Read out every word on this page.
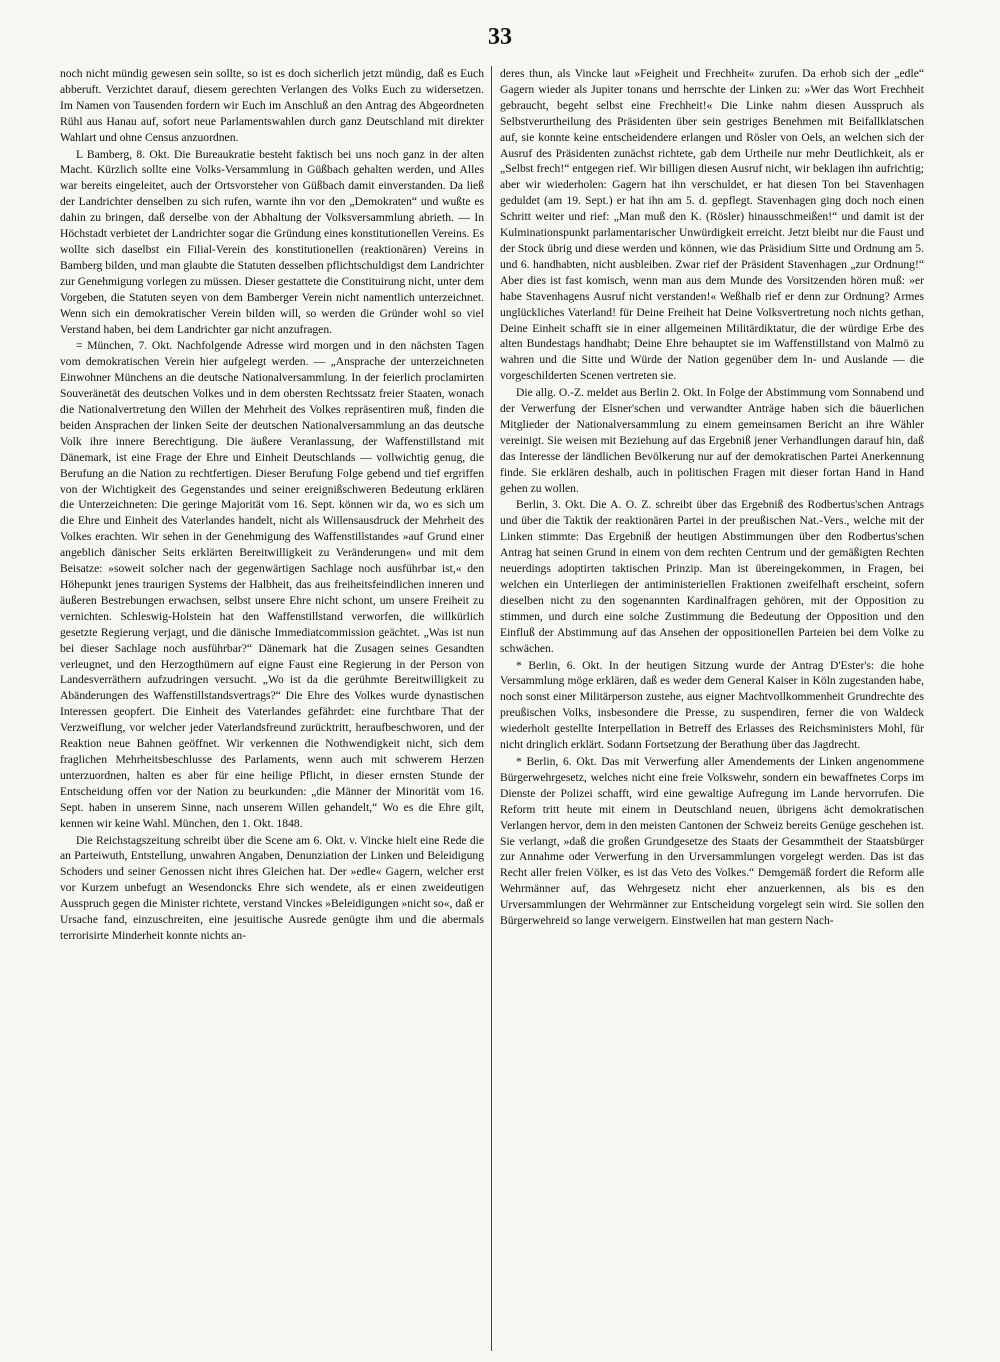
33

noch nicht mündig gewesen sein sollte, so ist es doch sicherlich jetzt mündig, daß es Euch abberuft. Verzichtet darauf, diesem gerechten Verlangen des Volks Euch zu widersetzen. Im Namen von Tausenden fordern wir Euch im Anschluß an den Antrag des Abgeordneten Rühl aus Hanau auf, sofort neue Parlamentswahlen durch ganz Deutschland mit direkter Wahlart und ohne Census anzuordnen.

L Bamberg, 8. Okt. Die Bureaukratie besteht faktisch bei uns noch ganz in der alten Macht. Kürzlich sollte eine Volks-Versammlung in Güßbach gehalten werden, und Alles war bereits eingeleitet, auch der Ortsvorsteher von Güßbach damit einverstanden. Da ließ der Landrichter denselben zu sich rufen, warnte ihn vor den „Demokraten“ und wußte es dahin zu bringen, daß derselbe von der Abhaltung der Volksversammlung abrieth. — In Höchstadt verbietet der Landrichter sogar die Gründung eines konstitutionellen Vereins. Es wollte sich daselbst ein Filial-Verein des konstitutionellen (reaktionären) Vereins in Bamberg bilden, und man glaubte die Statuten desselben pflichtschuldigst dem Landrichter zur Genehmigung vorlegen zu müssen. Dieser gestattete die Constituirung nicht, unter dem Vorgeben, die Statuten seyen von dem Bamberger Verein nicht namentlich unterzeichnet. Wenn sich ein demokratischer Verein bilden will, so werden die Gründer wohl so viel Verstand haben, bei dem Landrichter gar nicht anzufragen.

= München, 7. Okt. Nachfolgende Adresse wird morgen und in den nächsten Tagen vom demokratischen Verein hier aufgelegt werden. — „Ansprache der unterzeichneten Einwohner Münchens an die deutsche Nationalversammlung. In der feierlich proclamirten Souveränetät des deutschen Volkes und in dem obersten Rechtssatz freier Staaten, wonach die Nationalvertretung den Willen der Mehrheit des Volkes repräsentiren muß, finden die beiden Ansprachen der linken Seite der deutschen Nationalversammlung an das deutsche Volk ihre innere Berechtigung. Die äußere Veranlassung, der Waffenstillstand mit Dänemark, ist eine Frage der Ehre und Einheit Deutschlands — vollwichtig genug, die Berufung an die Nation zu rechtfertigen. Dieser Berufung Folge gebend und tief ergriffen von der Wichtigkeit des Gegenstandes und seiner ereignißschweren Bedeutung erklären die Unterzeichneten: Die geringe Majorität vom 16. Sept. können wir da, wo es sich um die Ehre und Einheit des Vaterlandes handelt, nicht als Willensausdruck der Mehrheit des Volkes erachten. Wir sehen in der Genehmigung des Waffenstillstandes »auf Grund einer angeblich dänischer Seits erklärten Bereitwilligkeit zu Veränderungen« und mit dem Beisatze: »soweit solcher nach der gegenwärtigen Sachlage noch ausführbar ist,« den Höhepunkt jenes traurigen Systems der Halbheit, das aus freiheitsfeindlichen inneren und äußeren Bestrebungen erwachsen, selbst unsere Ehre nicht schont, um unsere Freiheit zu vernichten. Schleswig-Holstein hat den Waffenstillstand verworfen, die willkürlich gesetzte Regierung verjagt, und die dänische Immediatcommission geächtet. „Was ist nun bei dieser Sachlage noch ausführbar?“ Dänemark hat die Zusagen seines Gesandten verleugnet, und den Herzogthümern auf eigne Faust eine Regierung in der Person von Landesverräthern aufzudringen versucht. „Wo ist da die gerühmte Bereitwilligkeit zu Abänderungen des Waffenstillstandsvertrags?“ Die Ehre des Volkes wurde dynastischen Interessen geopfert. Die Einheit des Vaterlandes gefährdet: eine furchtbare That der Verzweiflung, vor welcher jeder Vaterlandsfreund zurücktritt, heraufbeschworen, und der Reaktion neue Bahnen geöffnet. Wir verkennen die Nothwendigkeit nicht, sich dem fraglichen Mehrheitsbeschlusse des Parlaments, wenn auch mit schwerem Herzen unterzuordnen, halten es aber für eine heilige Pflicht, in dieser ernsten Stunde der Entscheidung offen vor der Nation zu beurkunden: „die Männer der Minorität vom 16. Sept. haben in unserem Sinne, nach unserem Willen gehandelt,“ Wo es die Ehre gilt, kennen wir keine Wahl. München, den 1. Okt. 1848.

Die Reichstagszeitung schreibt über die Scene am 6. Okt. v. Vincke hielt eine Rede die an Parteiwuth, Entstellung, unwahren Angaben, Denunziation der Linken und Beleidigung Schoders und seiner Genossen nicht ihres Gleichen hat. Der »edle« Gagern, welcher erst vor Kurzem unbefugt an Wesendoncks Ehre sich wendete, als er einen zweideutigen Ausspruch gegen die Minister richtete, verstand Vinckes »Beleidigungen »nicht so«, daß er Ursache fand, einzuschreiten, eine jesuitische Ausrede genügte ihm und die abermals terrorisirte Minderheit konnte nichts an-

deres thun, als Vincke laut »Feigheit und Frechheit« zurufen. Da erhob sich der „edle“ Gagern wieder als Jupiter tonans und herrschte der Linken zu: »Wer das Wort Frechheit gebraucht, begeht selbst eine Frechheit!« Die Linke nahm diesen Ausspruch als Selbstverurtheilung des Präsidenten über sein gestriges Benehmen mit Beifallklatschen auf, sie konnte keine entscheidendere erlangen und Rösler von Oels, an welchen sich der Ausruf des Präsidenten zunächst richtete, gab dem Urtheile nur mehr Deutlichkeit, als er „Selbst frech!“ entgegen rief. Wir billigen diesen Ausruf nicht, wir beklagen ihn aufrichtig; aber wir wiederholen: Gagern hat ihn verschuldet, er hat diesen Ton bei Stavenhagen geduldet (am 19. Sept.) er hat ihn am 5. d. gepflegt. Stavenhagen ging doch noch einen Schritt weiter und rief: „Man muß den K. (Rösler) hinausschmeißen!“ und damit ist der Kulminationspunkt parlamentarischer Unwürdigkeit erreicht. Jetzt bleibt nur die Faust und der Stock übrig und diese werden und können, wie das Präsidium Sitte und Ordnung am 5. und 6. handhabten, nicht ausbleiben. Zwar rief der Präsident Stavenhagen „zur Ordnung!“ Aber dies ist fast komisch, wenn man aus dem Munde des Vorsitzenden hören muß: »er habe Stavenhagens Ausruf nicht verstanden!« Weßhalb rief er denn zur Ordnung? Armes unglückliches Vaterland! für Deine Freiheit hat Deine Volksvertretung noch nichts gethan, Deine Einheit schafft sie in einer allgemeinen Militärdiktatur, die der würdige Erbe des alten Bundestags handhabt; Deine Ehre behauptet sie im Waffenstillstand von Malmö zu wahren und die Sitte und Würde der Nation gegenüber dem In- und Auslande — die vorgeschilderten Scenen vertreten sie.

Die allg. O.-Z. meldet aus Berlin 2. Okt. In Folge der Abstimmung vom Sonnabend und der Verwerfung der Elsner'schen und verwandter Anträge haben sich die bäuerlichen Mitglieder der Nationalversammlung zu einem gemeinsamen Bericht an ihre Wähler vereinigt. Sie weisen mit Beziehung auf das Ergebniß jener Verhandlungen darauf hin, daß das Interesse der ländlichen Bevölkerung nur auf der demokratischen Partei Anerkennung finde. Sie erklären deshalb, auch in politischen Fragen mit dieser fortan Hand in Hand gehen zu wollen.

Berlin, 3. Okt. Die A. O. Z. schreibt über das Ergebniß des Rodbertus'schen Antrags und über die Taktik der reaktionären Partei in der preußischen Nat.-Vers., welche mit der Linken stimmte: Das Ergebniß der heutigen Abstimmungen über den Rodbertus'schen Antrag hat seinen Grund in einem von dem rechten Centrum und der gemäßigten Rechten neuerdings adoptirten taktischen Prinzip. Man ist übereingekommen, in Fragen, bei welchen ein Unterliegen der antiministeriellen Fraktionen zweifelhaft erscheint, sofern dieselben nicht zu den sogenannten Kardinalfragen gehören, mit der Opposition zu stimmen, und durch eine solche Zustimmung die Bedeutung der Opposition und den Einfluß der Abstimmung auf das Ansehen der oppositionellen Parteien bei dem Volke zu schwächen.

* Berlin, 6. Okt. In der heutigen Sitzung wurde der Antrag D'Ester's: die hohe Versammlung möge erklären, daß es weder dem General Kaiser in Köln zugestanden habe, noch sonst einer Militärperson zustehe, aus eigner Machtvollkommenheit Grundrechte des preußischen Volks, insbesondere die Presse, zu suspendiren, ferner die von Waldeck wiederholt gestellte Interpellation in Betreff des Erlasses des Reichsministers Mohl, für nicht dringlich erklärt. Sodann Fortsetzung der Berathung über das Jagdrecht.

* Berlin, 6. Okt. Das mit Verwerfung aller Amendements der Linken angenommene Bürgerwehrgesetz, welches nicht eine freie Volkswehr, sondern ein bewaffnetes Corps im Dienste der Polizei schafft, wird eine gewaltige Aufregung im Lande hervorrufen. Die Reform tritt heute mit einem in Deutschland neuen, übrigens ächt demokratischen Verlangen hervor, dem in den meisten Cantonen der Schweiz bereits Genüge geschehen ist. Sie verlangt, »daß die großen Grundgesetze des Staats der Gesammtheit der Staatsbürger zur Annahme oder Verwerfung in den Urversammlungen vorgelegt werden. Das ist das Recht aller freien Völker, es ist das Veto des Volkes.“ Demgemäß fordert die Reform alle Wehrmänner auf, das Wehrgesetz nicht eher anzuerkennen, als bis es den Urversammlungen der Wehrmänner zur Entscheidung vorgelegt sein wird. Sie sollen den Bürgerwehreid so lange verweigern. Einstweilen hat man gestern Nach-
